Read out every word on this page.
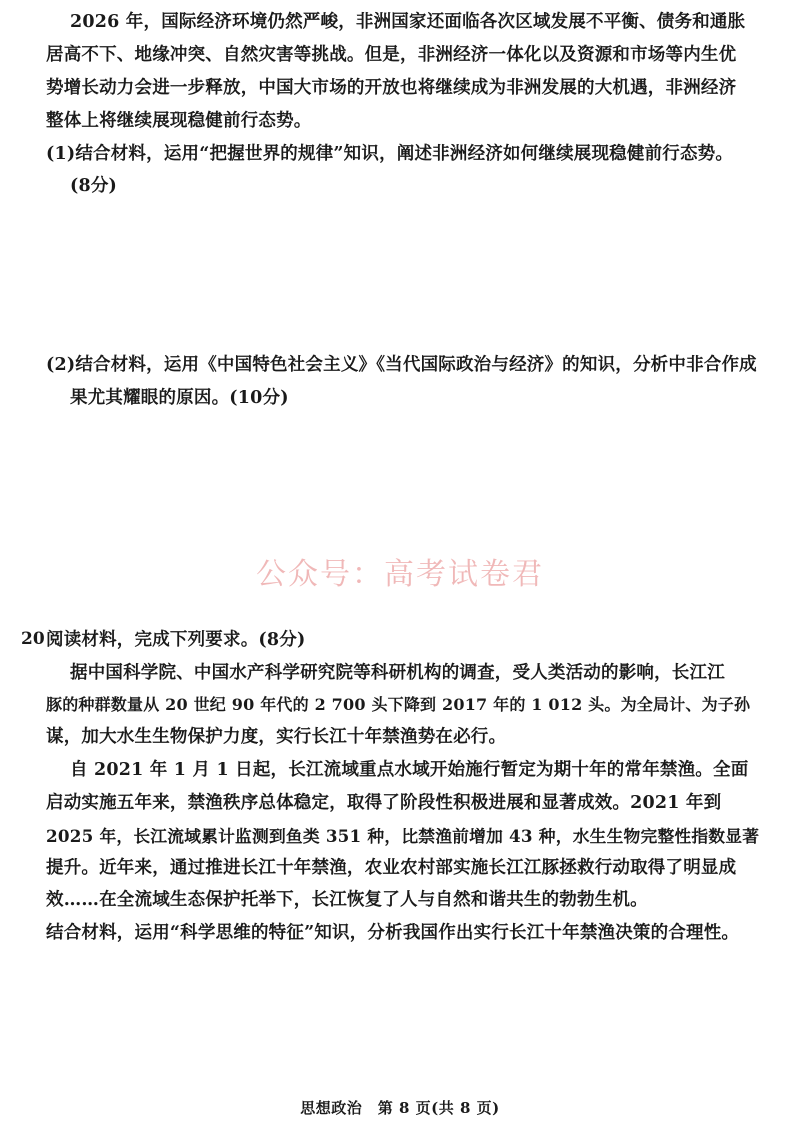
2026 年，国际经济环境仍然严峻，非洲国家还面临各次区域发展不平衡、债务和通胀
居高不下、地缘冲突、自然灾害等挑战。但是，非洲经济一体化以及资源和市场等内生优
势增长动力会进一步释放，中国大市场的开放也将继续成为非洲发展的大机遇，非洲经济
整体上将继续展现稳健前行态势。
(1)结合材料，运用“把握世界的规律”知识，阐述非洲经济如何继续展现稳健前行态势。
(8分)
(2)结合材料，运用《中国特色社会主义》《当代国际政治与经济》的知识，分析中非合作成
果尤其耀眼的原因。(10分)
公众号：高考试卷君
20 阅读材料，完成下列要求。(8分)
据中国科学院、中国水产科学研究院等科研机构的调查，受人类活动的影响，长江江
豚的种群数量从 20 世纪 90 年代的 2 700 头下降到 2017 年的 1 012 头。为全局计、为子孙
谋，加大水生生物保护力度，实行长江十年禁渔势在必行。
自 2021 年 1 月 1 日起，长江流域重点水域开始施行暂定为期十年的常年禁渔。全面
启动实施五年来，禁渔秩序总体稳定，取得了阶段性积极进展和显著成效。2021 年到
2025 年，长江流域累计监测到鱼类 351 种，比禁渔前增加 43 种，水生生物完整性指数显著
提升。近年来，通过推进长江十年禁渔，农业农村部实施长江江豚拯救行动取得了明显成
效……在全流域生态保护托举下，长江恢复了人与自然和谐共生的勃勃生机。
结合材料，运用“科学思维的特征”知识，分析我国作出实行长江十年禁渔决策的合理性。
思想政治　第 8 页(共 8 页)
